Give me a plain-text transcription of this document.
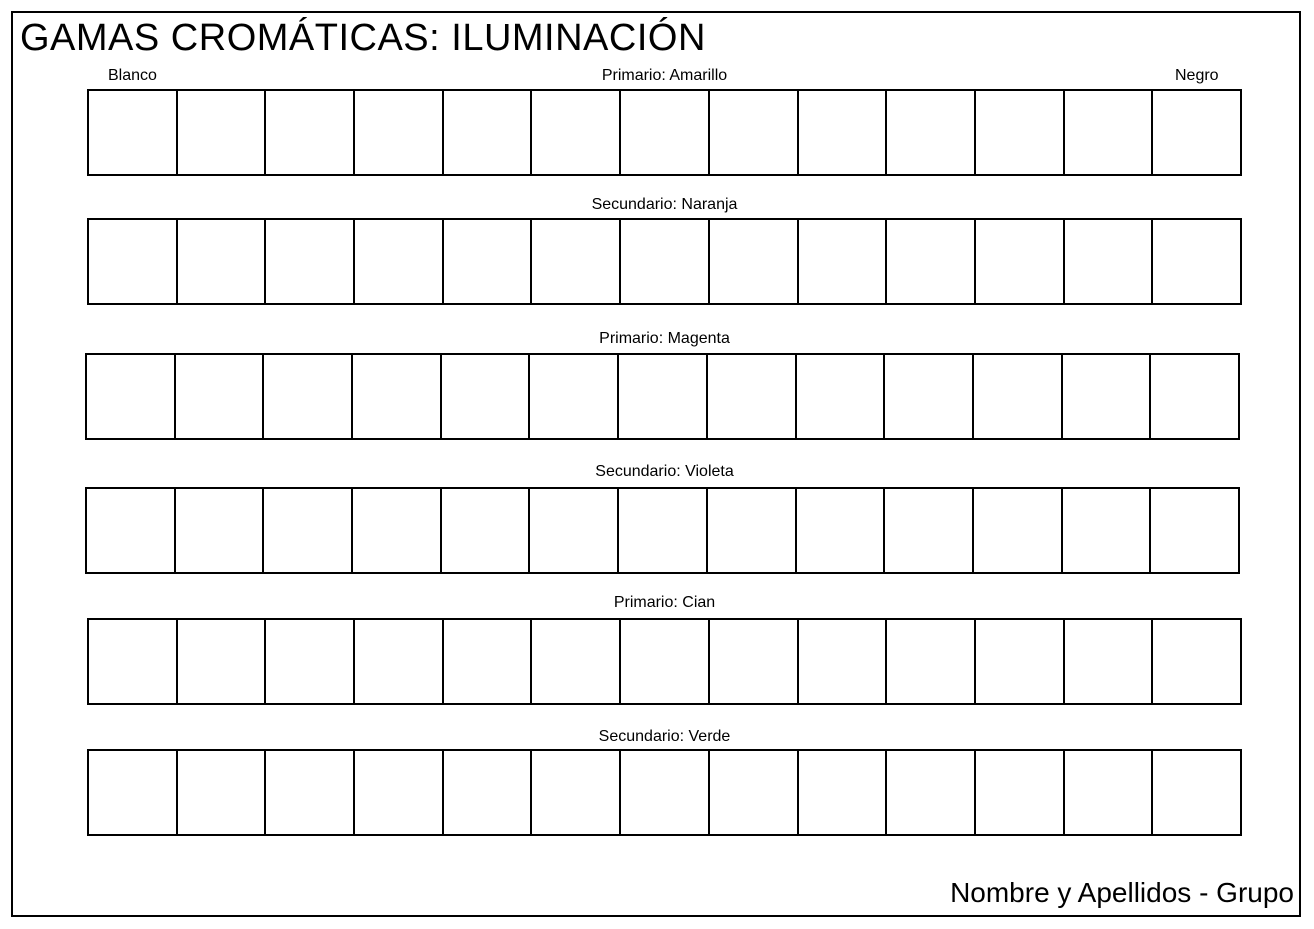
GAMAS CROMÁTICAS: ILUMINACIÓN
Blanco	Negro
Primario: Amarillo
Secundario: Naranja
Primario: Magenta
Secundario: Violeta
Primario: Cian
Secundario: Verde
Nombre y Apellidos - Grupo
